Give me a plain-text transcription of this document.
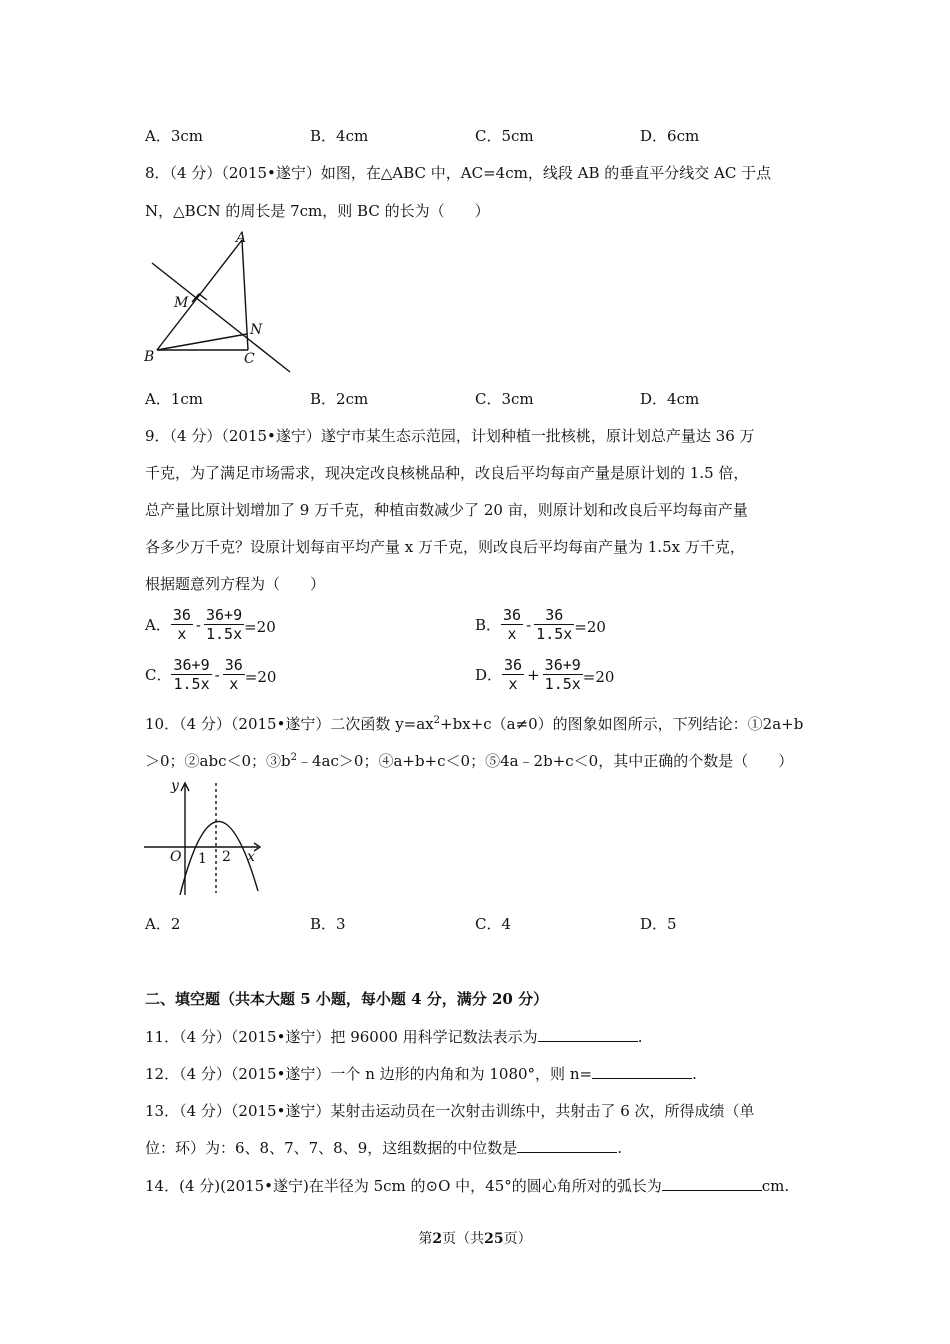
A．3cm	B．4cm	C．5cm	D．6cm
8．（4 分）（2015•遂宁）如图，在△ABC 中，AC=4cm，线段 AB 的垂直平分线交 AC 于点
N，△BCN 的周长是 7cm，则 BC 的长为（　　）
A
M
N
B	C
A．1cm	B．2cm	C．3cm	D．4cm
9．（4 分）（2015•遂宁）遂宁市某生态示范园，计划种植一批核桃，原计划总产量达 36 万
千克，为了满足市场需求，现决定改良核桃品种，改良后平均每亩产量是原计划的 1.5 倍，
总产量比原计划增加了 9 万千克，种植亩数减少了 20 亩，则原计划和改良后平均每亩产量
各多少万千克？设原计划每亩平均产量 x 万千克，则改良后平均每亩产量为 1.5x 万千克，
根据题意列方程为（　　）
A． $\frac{36}{x} - \frac{36+9}{1.5x} =20$	B． $\frac{36}{x} - \frac{36}{1.5x} =20$
C． $\frac{36+9}{1.5x} - \frac{36}{x} =20$	D． $\frac{36}{x} + \frac{36+9}{1.5x} =20$
10．（4 分）（2015•遂宁）二次函数 $y=ax^2+bx+c(a\ne 0)$的图象如图所示，下列结论：①2a+b
＞0；②abc＜0；$③b^2﹣4ac>0$；④a+b+c＜0；⑤4a﹣2b+c＜0，其中正确的个数是（　　）
y
O 1 2 x
A．2	B．3	C．4	D．5
二、填空题（共本大题 5 小题，每小题 4 分，满分 20 分）
11．（4 分）（2015•遂宁）把 96000 用科学记数法表示为	.
12．（4 分）（2015•遂宁）一个 n 边形的内角和为 1080°，则 n=	.
13．（4 分）（2015•遂宁）某射击运动员在一次射击训练中，共射击了 6 次，所得成绩（单
位：环）为：6、8、7、7、8、9，这组数据的中位数是	.
14．(4 分)(2015•遂宁)在半径为 5cm 的⊙O 中，45°的圆心角所对的弧长为	cm.
第2页（共25页）
